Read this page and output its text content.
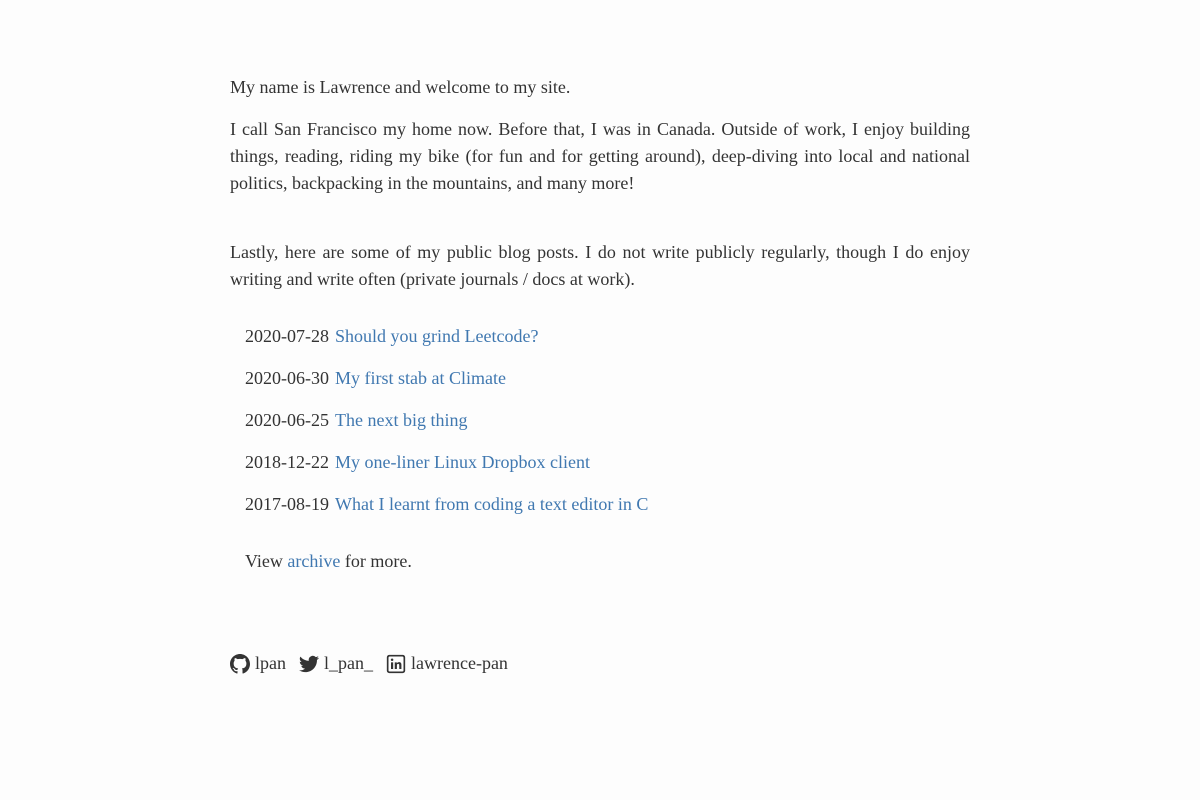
My name is Lawrence and welcome to my site.

I call San Francisco my home now. Before that, I was in Canada. Outside of work, I enjoy building things, reading, riding my bike (for fun and for getting around), deep-diving into local and national politics, backpacking in the mountains, and many more!

Lastly, here are some of my public blog posts. I do not write publicly regularly, though I do enjoy writing and write often (private journals / docs at work).

2020-07-28 Should you grind Leetcode?
2020-06-30 My first stab at Climate
2020-06-25 The next big thing
2018-12-22 My one-liner Linux Dropbox client
2017-08-19 What I learnt from coding a text editor in C

View archive for more.

lpan l_pan_ lawrence-pan
